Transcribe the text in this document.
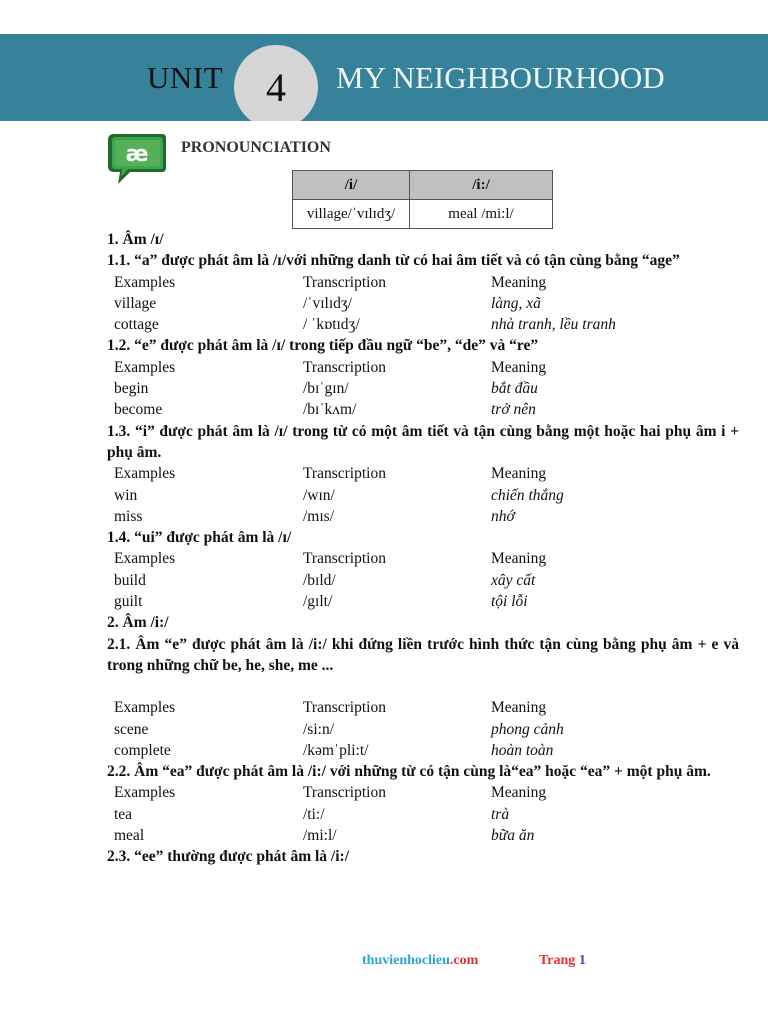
UNIT 4 MY NEIGHBOURHOOD
æ PRONOUNCIATION
/i/	/i:/
village/ˈvɪlɪdʒ/	meal /mi:l/
1. Âm /ɪ/
1.1. “a” được phát âm là /ɪ/với những danh từ có hai âm tiết và có tận cùng bằng “age”
Examples	Transcription	Meaning
village	/ˈvɪlɪdʒ/	làng, xã
cottage	/ ˈkɒtɪdʒ/	nhà tranh, lều tranh
1.2. “e” được phát âm là /ɪ/ trong tiếp đầu ngữ “be”, “de” và “re”
Examples	Transcription	Meaning
begin	/bɪˈgɪn/	bắt đầu
become	/bɪˈkʌm/	trở nên
1.3. “i” được phát âm là /ɪ/ trong từ có một âm tiết và tận cùng bằng một hoặc hai phụ âm i + phụ âm.
Examples	Transcription	Meaning
win	/wɪn/	chiến thắng
miss	/mɪs/	nhớ
1.4. “ui” được phát âm là /ɪ/
Examples	Transcription	Meaning
build	/bɪld/	xây cất
guilt	/gɪlt/	tội lỗi
2. Âm /i:/
2.1. Âm “e” được phát âm là /i:/ khi đứng liền trước hình thức tận cùng bằng phụ âm + e và trong những chữ be, he, she, me ...
Examples	Transcription	Meaning
scene	/si:n/	phong cảnh
complete	/kəmˈpli:t/	hoàn toàn
2.2. Âm “ea” được phát âm là /i:/ với những từ có tận cùng là“ea” hoặc “ea” + một phụ âm.
Examples	Transcription	Meaning
tea	/ti:/	trà
meal	/mi:l/	bữa ăn
2.3. “ee” thường được phát âm là /i:/
thuvienhoclieu.com	Trang 1
